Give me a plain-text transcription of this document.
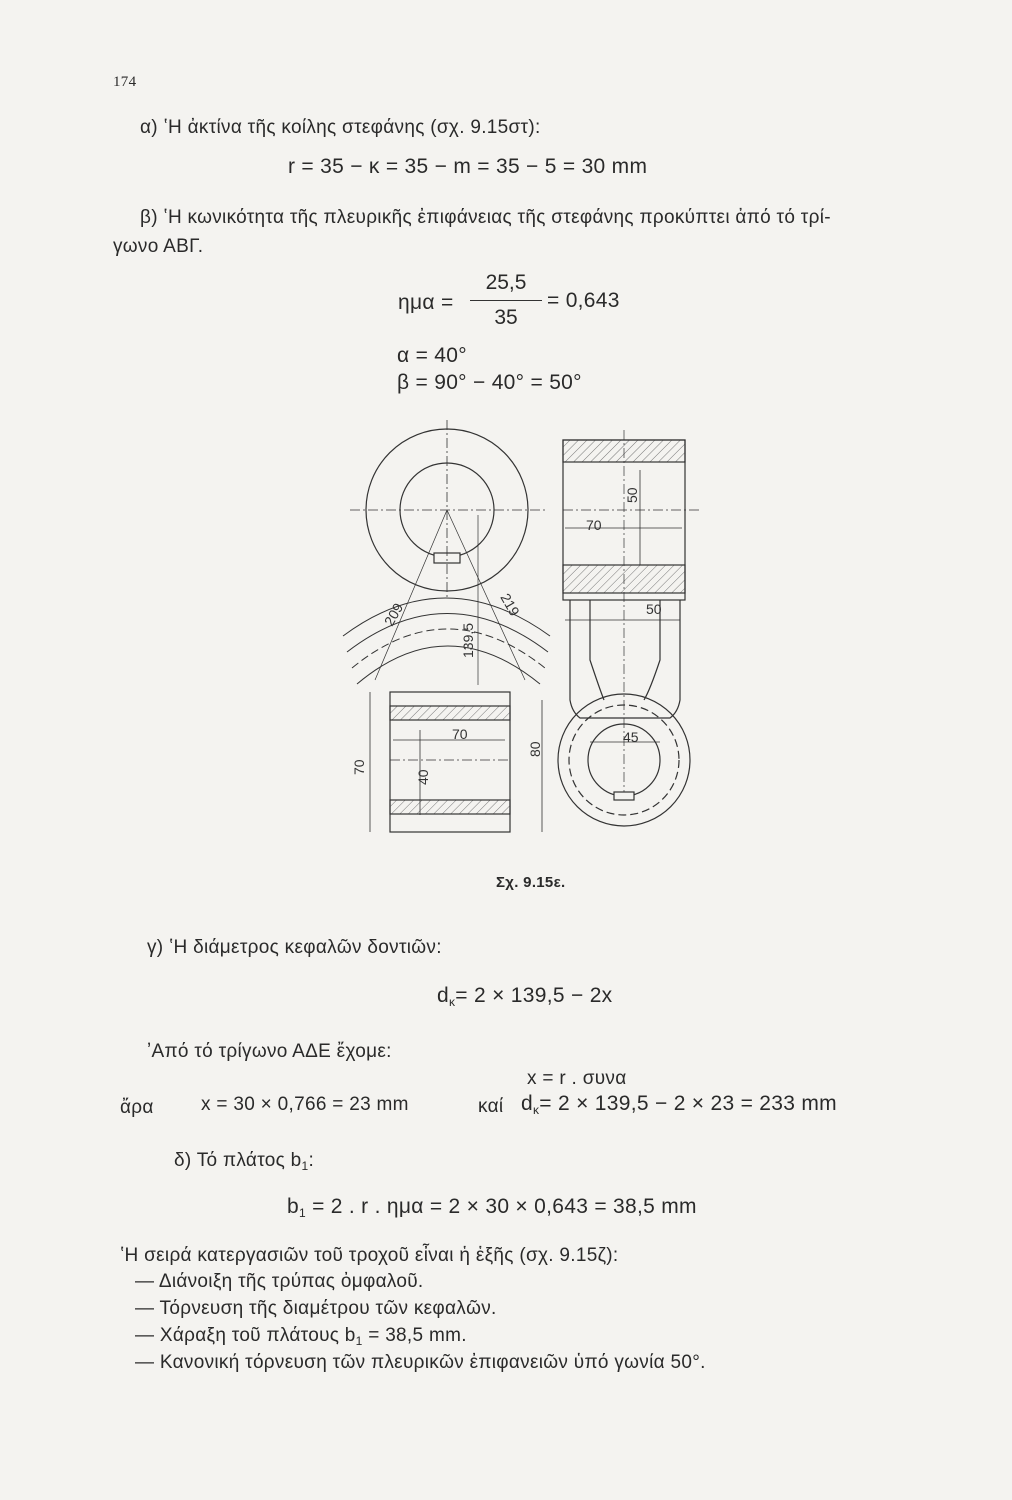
174
α) ʽΗ ἀκτίνα τῆς κοίλης στεφάνης (σχ. 9.15στ):
r = 35 − κ = 35 − m = 35 − 5 = 30 mm
β) ʽΗ κωνικότητα τῆς πλευρικῆς ἐπιφάνειας τῆς στεφάνης προκύπτει ἀπό τό τρί-
γωνο ΑΒΓ.
ημα =
25,5
35
= 0,643
α = 40°
β = 90° − 40° = 50°
209	219
139,5
70
50
50
70
80
70
40
45
Σχ. 9.15ε.
γ) ʽΗ διάμετρος κεφαλῶν δοντιῶν:
$d_\kappa= 2 \times 139,5 - 2x$
ʼΑπό τό τρίγωνο ΑΔΕ ἔχομε:
x = r . συνα
ἄρα x = 30 × 0,766 = 23 mm	καί $d_\kappa= 2 \times 139,5 - 2 \times 23 = 233$ mm
δ) Τό πλάτος $b_1$:
$b_1 = 2$ . r . ημα = 2 × 30 × 0,643 = 38,5 mm
ʽΗ σειρά κατεργασιῶν τοῦ τροχοῦ εἶναι ἡ ἑξῆς (σχ. 9.15ζ):
— Διάνοιξη τῆς τρύπας ὀμφαλοῦ.
— Τόρνευση τῆς διαμέτρου τῶν κεφαλῶν.
— Χάραξη τοῦ πλάτους $b_1 = 38,5$ mm.
— Κανονική τόρνευση τῶν πλευρικῶν ἐπιφανειῶν ὑπό γωνία 50°.
